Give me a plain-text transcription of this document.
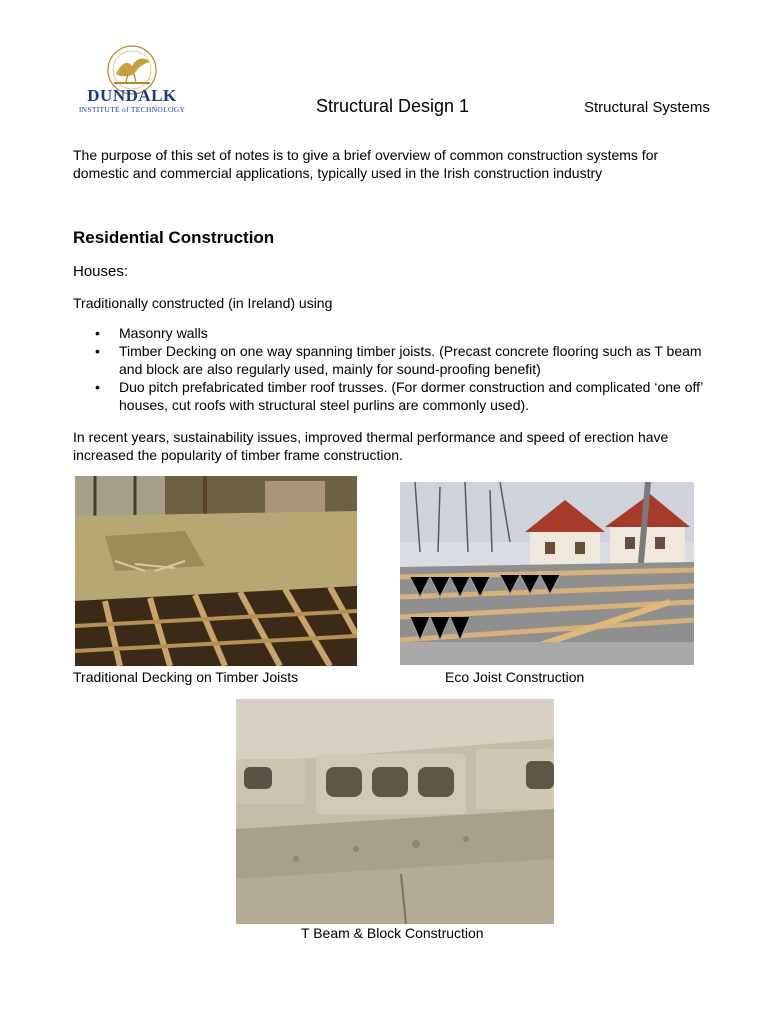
DUNDALK
INSTITUTE of TECHNOLOGY	Structural Design 1	Structural Systems
The purpose of this set of notes is to give a brief overview of common construction systems for domestic and commercial applications, typically used in the Irish construction industry
Residential Construction
Houses:
Traditionally constructed (in Ireland) using
• Masonry walls
• Timber Decking on one way spanning timber joists. (Precast concrete flooring such as T beam and block are also regularly used, mainly for sound-proofing benefit)
• Duo pitch prefabricated timber roof trusses. (For dormer construction and complicated ‘one off’ houses, cut roofs with structural steel purlins are commonly used).
In recent years, sustainability issues, improved thermal performance and speed of erection have increased the popularity of timber frame construction.
Traditional Decking on Timber Joists	Eco Joist Construction
T Beam & Block Construction
